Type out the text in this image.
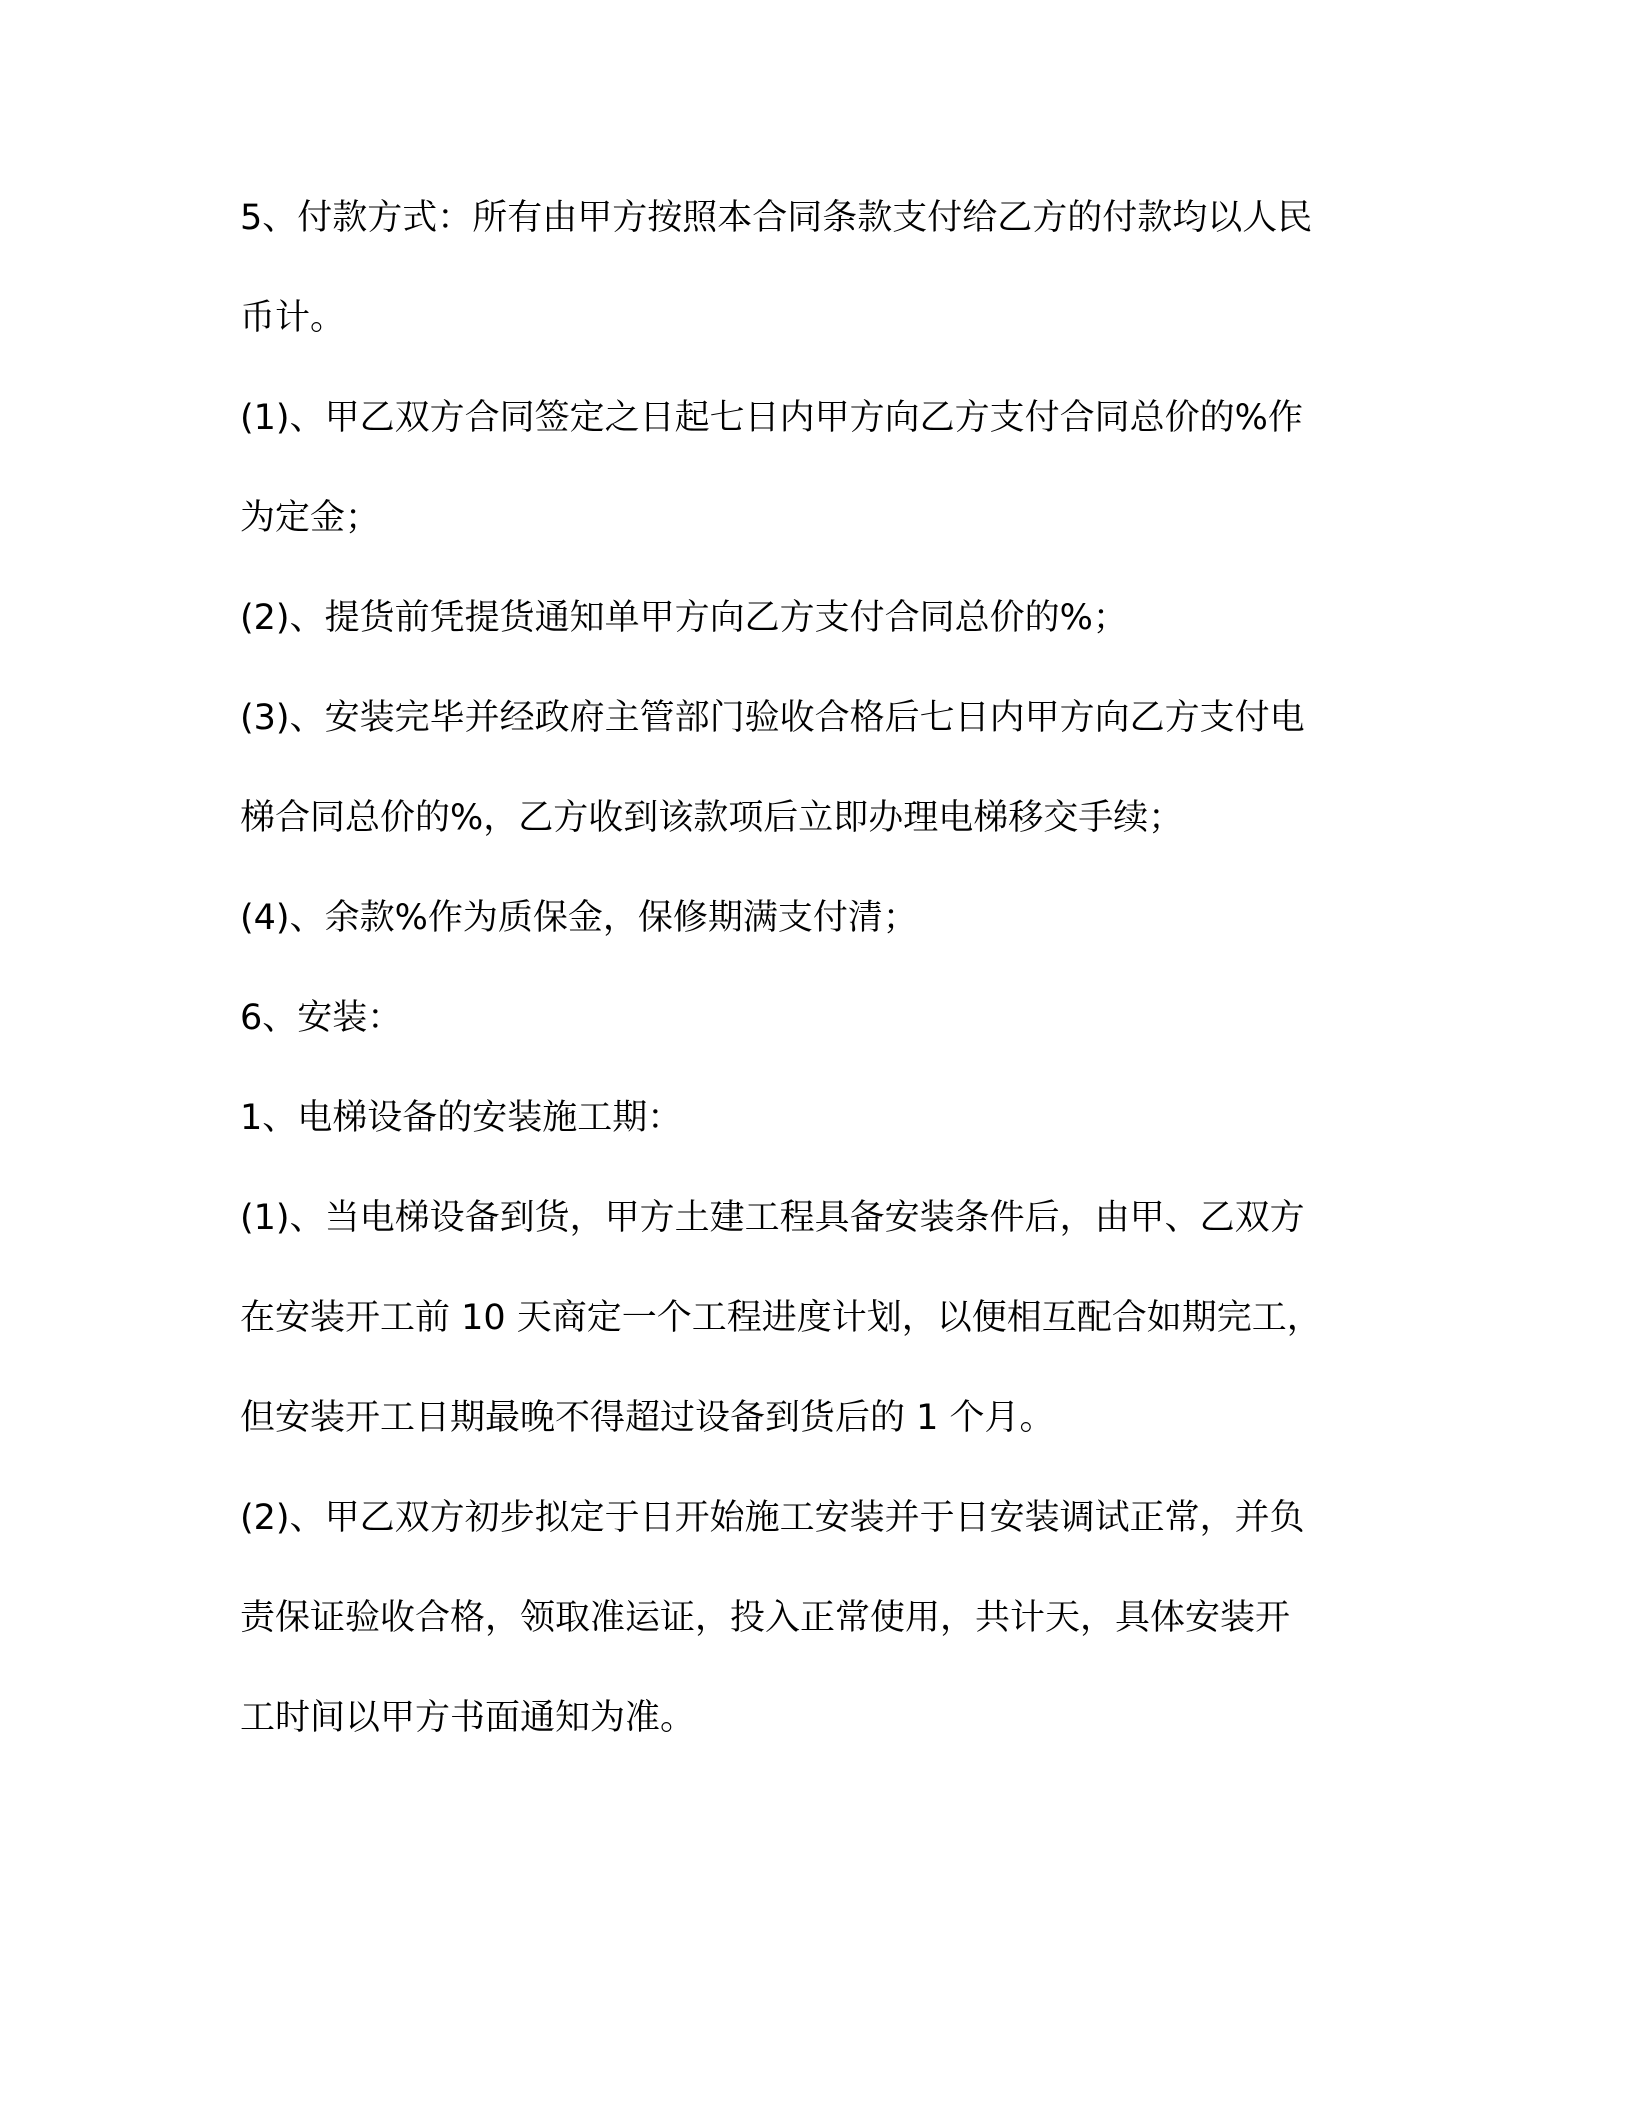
5、付款方式：所有由甲方按照本合同条款支付给乙方的付款均以人民

币计。

(1)、甲乙双方合同签定之日起七日内甲方向乙方支付合同总价的%作

为定金；

(2)、提货前凭提货通知单甲方向乙方支付合同总价的%；

(3)、安装完毕并经政府主管部门验收合格后七日内甲方向乙方支付电

梯合同总价的%，乙方收到该款项后立即办理电梯移交手续；

(4)、余款%作为质保金，保修期满支付清；

6、安装：

1、电梯设备的安装施工期：

(1)、当电梯设备到货，甲方土建工程具备安装条件后，由甲、乙双方

在安装开工前 10 天商定一个工程进度计划，以便相互配合如期完工，

但安装开工日期最晚不得超过设备到货后的 1 个月。

(2)、甲乙双方初步拟定于日开始施工安装并于日安装调试正常，并负

责保证验收合格，领取准运证，投入正常使用，共计天，具体安装开

工时间以甲方书面通知为准。
